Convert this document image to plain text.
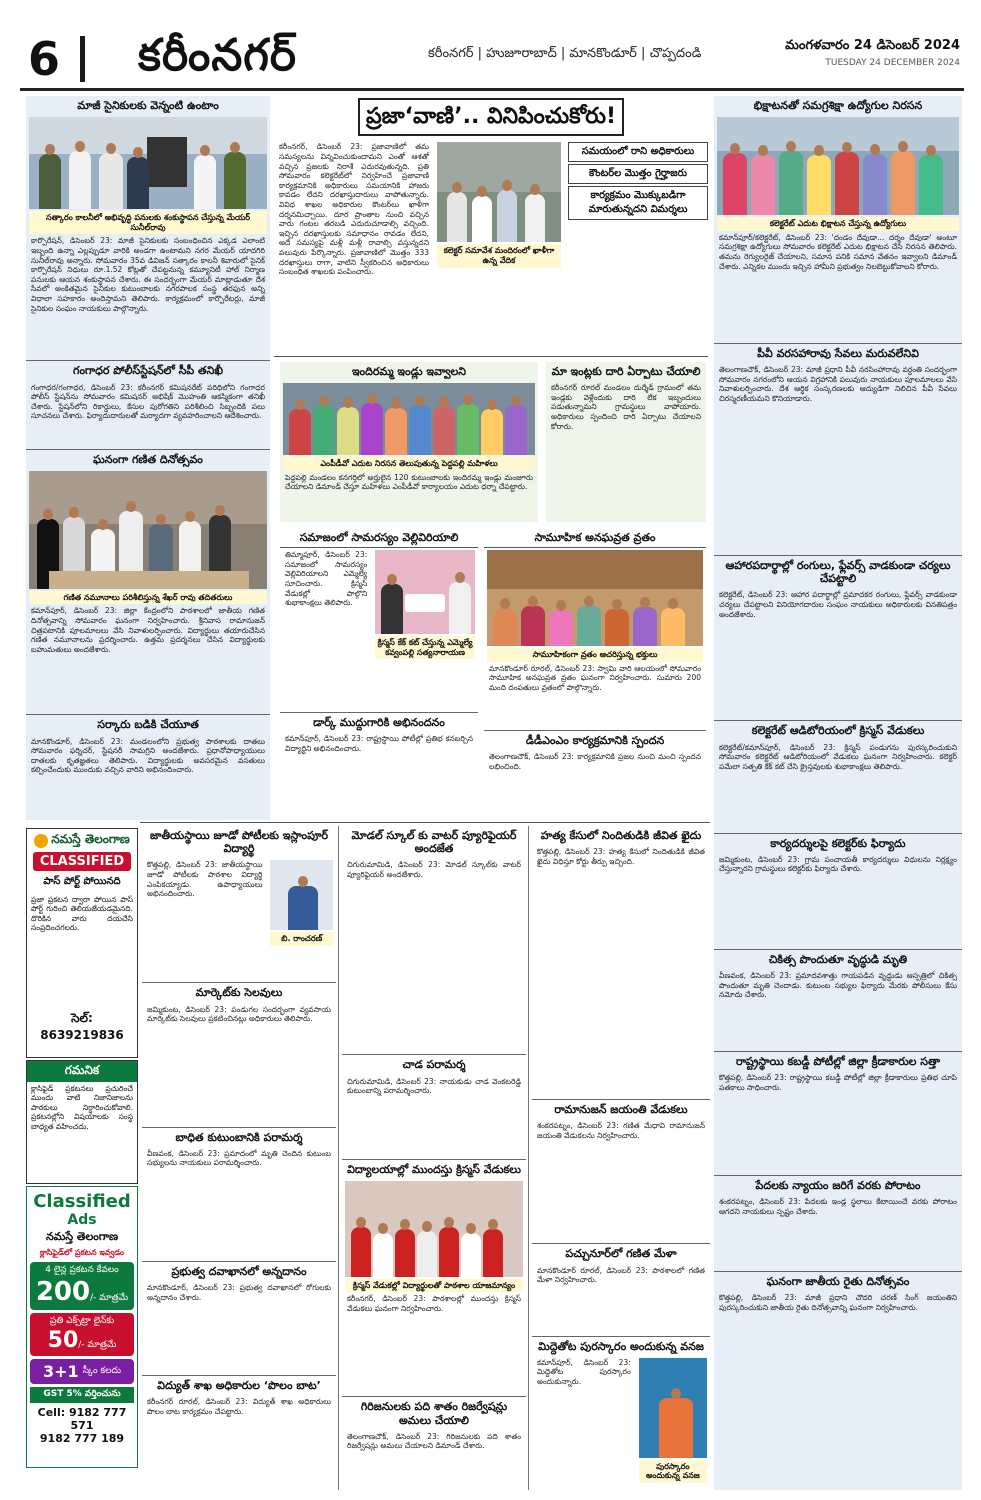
6 కరీంనగర్	కరీంనగర్ | హుజూరాబాద్ | మానకొండూర్ | చొప్పదండి
మంగళవారం 24 డిసెంబర్ 2024
TUESDAY 24 DECEMBER 2024
మాజీ సైనికులకు వెన్నంటి ఉంటాం
సత్కారం కాలనీలో అభివృద్ధి పనులకు శంకుస్థాపన చేస్తున్న మేయర్ సునీల్‌రావు
కార్పొరేషన్, డిసెంబర్ 23: మాజీ సైనికులకు సంబంధించిన ఎక్కడ ఎలాంటి ఇబ్బంది ఉన్నా ఎల్లప్పుడూ వారికి అండగా ఉంటామని నగర మేయర్ యాదగిరి సునీల్‌రావు అన్నారు. సోమవారం 35వ డివిజన్ సత్కారం కాలనీ శివారులో సైనిక్ కార్పొరేషన్ నిధులు రూ.1.52 కోట్లతో చేపట్టనున్న కమ్యూనిటీ హాల్ నిర్మాణ పనులకు ఆయన శంకుస్థాపన చేశారు. ఈ సందర్భంగా మేయర్ మాట్లాడుతూ దేశ సేవలో అంకితమైన సైనికుల కుటుంబాలకు నగరపాలక సంస్థ తరఫున అన్ని విధాలా సహకారం అందిస్తామని తెలిపారు. కార్యక్రమంలో కార్పొరేటర్లు, మాజీ సైనికుల సంఘం నాయకులు పాల్గొన్నారు.
గంగాధర పోలీస్‌స్టేషన్‌లో సీపీ తనిఖీ
గంగాధర/గంగాధర, డిసెంబర్ 23: కరీంనగర్ కమిషనరేట్ పరిధిలోని గంగాధర పోలీస్ స్టేషన్‌ను సోమవారం కమిషనర్ అభిషేక్ మొహంతి ఆకస్మికంగా తనిఖీ చేశారు. స్టేషన్‌లోని రికార్డులు, కేసుల పురోగతిని పరిశీలించి సిబ్బందికి పలు సూచనలు చేశారు. ఫిర్యాదుదారులతో మర్యాదగా వ్యవహరించాలని ఆదేశించారు.
ఘనంగా గణిత దినోత్సవం
గణిత నమూనాలు పరిశీలిస్తున్న శేఖర్ రావు తదితరులు
కమాన్‌పూర్, డిసెంబర్ 23: జిల్లా కేంద్రంలోని పాఠశాలలో జాతీయ గణిత దినోత్సవాన్ని సోమవారం ఘనంగా నిర్వహించారు. శ్రీనివాస రామానుజన్ చిత్రపటానికి పూలమాలలు వేసి నివాళులర్పించారు. విద్యార్థులు తయారుచేసిన గణిత నమూనాలను ప్రదర్శించారు. ఉత్తమ ప్రదర్శనలు చేసిన విద్యార్థులకు బహుమతులు అందజేశారు.
సర్కారు బడికి చేయూత
మానకొండూర్, డిసెంబర్ 23: మండలంలోని ప్రభుత్వ పాఠశాలకు దాతలు సోమవారం ఫర్నిచర్, స్టేషనరీ సామగ్రిని అందజేశారు. ప్రధానోపాధ్యాయులు దాతలకు కృతజ్ఞతలు తెలిపారు. విద్యార్థులకు అవసరమైన వసతులు కల్పించేందుకు ముందుకు వచ్చిన వారిని అభినందించారు.
ప్రజా‘వాణి’.. వినిపించుకోరు!
కరీంనగర్, డిసెంబర్ 23: ప్రజావాణిలో తమ సమస్యలను విన్నవించుకుందామని ఎంతో ఆశతో వచ్చిన ప్రజలకు నిరాశే ఎదురవుతున్నది. ప్రతి సోమవారం కలెక్టరేట్‌లో నిర్వహించే ప్రజావాణి కార్యక్రమానికి అధికారులు సమయానికి హాజరు కావడం లేదని దరఖాస్తుదారులు వాపోతున్నారు. వివిధ శాఖల అధికారుల కౌంటర్‌లు ఖాళీగా దర్శనమిచ్చాయి. దూర ప్రాంతాల నుంచి వచ్చిన వారు గంటల తరబడి ఎదురుచూడాల్సి వచ్చింది. ఇచ్చిన దరఖాస్తులకు సమాధానం రావడం లేదని, అదే సమస్యపై మళ్లీ మళ్లీ రావాల్సి వస్తున్నదని పలువురు పేర్కొన్నారు. ప్రజావాణిలో మొత్తం 333 దరఖాస్తులు రాగా, వాటిని స్వీకరించిన అధికారులు సంబంధిత శాఖలకు పంపించారు.
కలెక్టర్ సమావేశ మందిరంలో ఖాళీగా ఉన్న వేదిక
సమయంలో రాని అధికారులు
కౌంటర్‌ల మొత్తం గైర్హాజరు
కార్యక్రమం మొక్కుబడిగా మారుతున్నదని విమర్శలు
ఇందిరమ్మ ఇండ్లు ఇవ్వాలని
ఎంపీడీవో ఎదుట నిరసన తెలుపుతున్న పెద్దపల్లి మహిళలు
పెద్దపల్లి మండలం కనగర్తిలో అర్హులైన 120 కుటుంబాలకు ఇందిరమ్మ ఇండ్లు మంజూరు చేయాలని డిమాండ్ చేస్తూ మహిళలు ఎంపీడీవో కార్యాలయం ఎదుట ధర్నా చేపట్టారు.
మా ఇంట్లకు దారి ఏర్పాటు చేయాలి
కరీంనగర్ రూరల్ మండలం దుర్శేడ్ గ్రామంలో తమ ఇండ్లకు వెళ్లేందుకు దారి లేక ఇబ్బందులు పడుతున్నామని గ్రామస్థులు వాపోయారు. అధికారులు స్పందించి దారి ఏర్పాటు చేయాలని కోరారు.
సమాజంలో సామరస్యం వెల్లివిరియాలి
తిమ్మాపూర్, డిసెంబర్ 23: సమాజంలో సామరస్యం వెల్లివిరియాలని ఎమ్మెల్యే సూచించారు. క్రిస్మస్ వేడుకల్లో పాల్గొని శుభాకాంక్షలు తెలిపారు.
క్రిస్మస్ కేక్ కట్ చేస్తున్న ఎమ్మెల్యే కవ్వంపల్లి సత్యనారాయణ
డార్క్ ముద్దుగారికి అభినందనం
కమాన్‌పూర్, డిసెంబర్ 23: రాష్ట్రస్థాయి పోటీల్లో ప్రతిభ కనబర్చిన విద్యార్థిని అభినందించారు.
సామూహిక అనఘవ్రత వ్రతం
సామూహికంగా వ్రతం ఆచరిస్తున్న భక్తులు
మానకొండూర్ రూరల్, డిసెంబర్ 23: స్వామి వారి ఆలయంలో సోమవారం సామూహిక అనఘవ్రత వ్రతం ఘనంగా నిర్వహించారు. సుమారు 200 మంది దంపతులు వ్రతంలో పాల్గొన్నారు.
డీడీఎంఎం కార్యక్రమానికి స్పందన
తెలంగాణచౌక్, డిసెంబర్ 23: కార్యక్రమానికి ప్రజల నుంచి మంచి స్పందన లభించింది.
భిక్షాటనతో సమగ్రశిక్షా ఉద్యోగుల నిరసన
కలెక్టరేట్ ఎదుట భిక్షాటన చేస్తున్న ఉద్యోగులు
కమాన్‌పూర్/కలెక్టరేట్, డిసెంబర్ 23: 'దండం దేవుడా... దర్శం దేవుడా' అంటూ సమగ్రశిక్షా ఉద్యోగులు సోమవారం కలెక్టరేట్ ఎదుట భిక్షాటన చేసి నిరసన తెలిపారు. తమను రెగ్యులరైజ్ చేయాలని, సమాన పనికి సమాన వేతనం ఇవ్వాలని డిమాండ్ చేశారు. ఎన్నికల ముందు ఇచ్చిన హామీని ప్రభుత్వం నిలబెట్టుకోవాలని కోరారు.
పీవీ వరసహారావు సేవలు మరువలేనివి
తెలంగాణచౌక్, డిసెంబర్ 23: మాజీ ప్రధాని పీవీ నరసింహారావు వర్ధంతి సందర్భంగా సోమవారం నగరంలోని ఆయన విగ్రహానికి పలువురు నాయకులు పూలమాలలు వేసి నివాళులర్పించారు. దేశ ఆర్థిక సంస్కరణలకు ఆద్యుడిగా నిలిచిన పీవీ సేవలు చిరస్మరణీయమని కొనియాడారు.
ఆహారపదార్థాల్లో రంగులు, ఫ్లేవర్స్ వాడకుండా చర్యలు చేపట్టాలి
కలెక్టరేట్, డిసెంబర్ 23: ఆహార పదార్థాల్లో ప్రమాదకర రంగులు, ఫ్లేవర్స్ వాడకుండా చర్యలు చేపట్టాలని వినియోగదారుల సంఘం నాయకులు అధికారులకు వినతిపత్రం అందజేశారు.
కలెక్టరేట్ ఆడిటోరియంలో క్రిస్మస్ వేడుకలు
కలెక్టరేట్/కమాన్‌పూర్, డిసెంబర్ 23: క్రిస్మస్ పండుగను పురస్కరించుకుని సోమవారం కలెక్టరేట్ ఆడిటోరియంలో వేడుకలు ఘనంగా నిర్వహించారు. కలెక్టర్ పమేలా సత్పతి కేక్ కట్ చేసి క్రైస్తవులకు శుభాకాంక్షలు తెలిపారు.
కార్యదర్శులపై కలెక్టర్‌కు ఫిర్యాదు
జమ్మికుంట, డిసెంబర్ 23: గ్రామ పంచాయతీ కార్యదర్శులు విధులను నిర్లక్ష్యం చేస్తున్నారని గ్రామస్థులు కలెక్టర్‌కు ఫిర్యాదు చేశారు.
చికిత్స పొందుతూ వృద్ధుడి మృతి
వీణవంక, డిసెంబర్ 23: ప్రమాదవశాత్తు గాయపడిన వృద్ధుడు ఆస్పత్రిలో చికిత్స పొందుతూ మృతి చెందాడు. కుటుంబ సభ్యుల ఫిర్యాదు మేరకు పోలీసులు కేసు నమోదు చేశారు.
రాష్ట్రస్థాయి కబడ్డీ పోటీల్లో జిల్లా క్రీడాకారుల సత్తా
కొత్తపల్లి, డిసెంబర్ 23: రాష్ట్రస్థాయి కబడ్డీ పోటీల్లో జిల్లా క్రీడాకారులు ప్రతిభ చూపి పతకాలు సాధించారు.
పేదలకు న్యాయం జరిగే వరకు పోరాటం
శంకరపట్నం, డిసెంబర్ 23: పేదలకు ఇండ్ల స్థలాలు కేటాయించే వరకు పోరాటం ఆగదని నాయకులు స్పష్టం చేశారు.
ఘనంగా జాతీయ రైతు దినోత్సవం
కొత్తపల్లి, డిసెంబర్ 23: మాజీ ప్రధాని చౌదరి చరణ్ సింగ్ జయంతిని పురస్కరించుకుని జాతీయ రైతు దినోత్సవాన్ని ఘనంగా నిర్వహించారు.
నమస్తే తెలంగాణ
CLASSIFIED
పాస్ పోర్ట్ పోయినది
ప్రజా ప్రకటన ద్వారా పోయిన పాస్ పోర్ట్ గురించి తెలియజేయడమైనది. దొరికిన వారు దయచేసి సంప్రదించగలరు.
సెల్: 8639219836
గమనిక
క్లాసిఫైడ్ ప్రకటనలు ప్రచురించే ముందు వాటి నిజానిజాలను పాఠకులు నిర్ధారించుకోవాలి. ప్రకటనల్లోని విషయాలకు సంస్థ బాధ్యత వహించదు.
Classified
Ads
నమస్తే తెలంగాణ
క్లాసిఫైడ్‌లో ప్రకటన ఇవ్వడం
4 లైన్ల ప్రకటన కేవలం
200/- మాత్రమే
ప్రతి ఎక్స్‌ట్రా లైన్‌కు
50/- మాత్రమే
3+1 స్కీం కలదు
GST 5% వర్తించును
Cell: 9182 777 571
9182 777 189
జాతీయస్థాయి జూడో పోటీలకు ఇస్లాంపూర్ విద్యార్థి
కొత్తపల్లి, డిసెంబర్ 23: జాతీయస్థాయి జూడో పోటీలకు పాఠశాల విద్యార్థి ఎంపికయ్యాడు. ఉపాధ్యాయులు అభినందించారు.
బి. రాంచరణ్
మార్కెట్‌కు సెలవులు
జమ్మికుంట, డిసెంబర్ 23: పండుగల సందర్భంగా వ్యవసాయ మార్కెట్‌కు సెలవులు ప్రకటించినట్లు అధికారులు తెలిపారు.
బాధిత కుటుంబానికి పరామర్శ
వీణవంక, డిసెంబర్ 23: ప్రమాదంలో మృతి చెందిన కుటుంబ సభ్యులను నాయకులు పరామర్శించారు.
ప్రభుత్వ దవాఖానలో అన్నదానం
మానకొండూర్, డిసెంబర్ 23: ప్రభుత్వ దవాఖానలో రోగులకు అన్నదానం చేశారు.
విద్యుత్ శాఖ అధికారుల ‘పొలం బాట’
కరీంనగర్ రూరల్, డిసెంబర్ 23: విద్యుత్ శాఖ అధికారులు పొలం బాట కార్యక్రమం చేపట్టారు.
మోడల్ స్కూల్ కు వాటర్ ప్యూరిఫైయర్ అందజేత
చిగురుమామిడి, డిసెంబర్ 23: మోడల్ స్కూల్‌కు వాటర్ ప్యూరిఫైయర్ అందజేశారు.
చాడ పరామర్శ
చిగురుమామిడి, డిసెంబర్ 23: నాయకుడు చాడ వెంకటరెడ్డి కుటుంబాన్ని పరామర్శించారు.
విద్యాలయాల్లో ముందస్తు క్రిస్మస్ వేడుకలు
క్రిస్మస్ వేడుకల్లో విద్యార్థులతో పాఠశాల యాజమాన్యం
కరీంనగర్, డిసెంబర్ 23: పాఠశాలల్లో ముందస్తు క్రిస్మస్ వేడుకలు ఘనంగా నిర్వహించారు.
గిరిజనులకు పది శాతం రిజర్వేషన్లు అమలు చేయాలి
తెలంగాణచౌక్, డిసెంబర్ 23: గిరిజనులకు పది శాతం రిజర్వేషన్లు అమలు చేయాలని డిమాండ్ చేశారు.
హత్య కేసులో నిందితుడికి జీవిత ఖైదు
కొత్తపల్లి, డిసెంబర్ 23: హత్య కేసులో నిందితుడికి జీవిత ఖైదు విధిస్తూ కోర్టు తీర్పు ఇచ్చింది.
రామానుజన్ జయంతి వేడుకలు
శంకరపట్నం, డిసెంబర్ 23: గణిత మేధావి రామానుజన్ జయంతి వేడుకలను నిర్వహించారు.
పచ్చునూర్‌లో గణిత మేళా
మానకొండూర్ రూరల్, డిసెంబర్ 23: పాఠశాలలో గణిత మేళా నిర్వహించారు.
మిద్దెతోట పురస్కారం అందుకున్న వనజ
కమాన్‌పూర్, డిసెంబర్ 23: మిద్దెతోట పురస్కారం అందుకున్నారు.
పురస్కారం అందుకున్న వనజ
